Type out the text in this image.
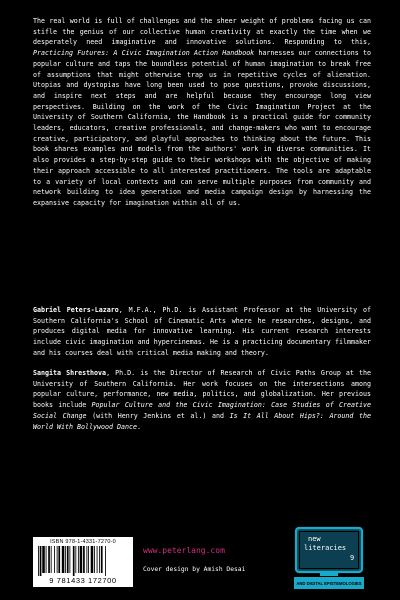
The real world is full of challenges and the sheer weight of problems facing us can stifle the genius of our collective human creativity at exactly the time when we desperately need imaginative and innovative solutions. Responding to this, Practicing Futures: A Civic Imagination Action Handbook harnesses our connections to popular culture and taps the boundless potential of human imagination to break free of assumptions that might otherwise trap us in repetitive cycles of alienation. Utopias and dystopias have long been used to pose questions, provoke discussions, and inspire next steps and are helpful because they encourage long view perspectives. Building on the work of the Civic Imagination Project at the University of Southern California, the Handbook is a practical guide for community leaders, educators, creative professionals, and change-makers who want to encourage creative, participatory, and playful approaches to thinking about the future. This book shares examples and models from the authors' work in diverse communities. It also provides a step-by-step guide to their workshops with the objective of making their approach accessible to all interested practitioners. The tools are adaptable to a variety of local contexts and can serve multiple purposes from community and network building to idea generation and media campaign design by harnessing the expansive capacity for imagination within all of us.
Gabriel Peters-Lazaro, M.F.A., Ph.D. is Assistant Professor at the University of Southern California's School of Cinematic Arts where he researches, designs, and produces digital media for innovative learning. His current research interests include civic imagination and hypercinemas. He is a practicing documentary filmmaker and his courses deal with critical media making and theory.
Sangita Shresthova, Ph.D. is the Director of Research of Civic Paths Group at the University of Southern California. Her work focuses on the intersections among popular culture, performance, new media, politics, and globalization. Her previous books include Popular Culture and the Civic Imagination: Case Studies of Creative Social Change (with Henry Jenkins et al.) and Is It All About Hips?: Around the World With Bollywood Dance.
ISBN 978-1-4331-7270-0
9 781433 172700
www.peterlang.com
Cover design by Amish Desai
new
literacies
9
AND DIGITAL EPISTEMOLOGIES
